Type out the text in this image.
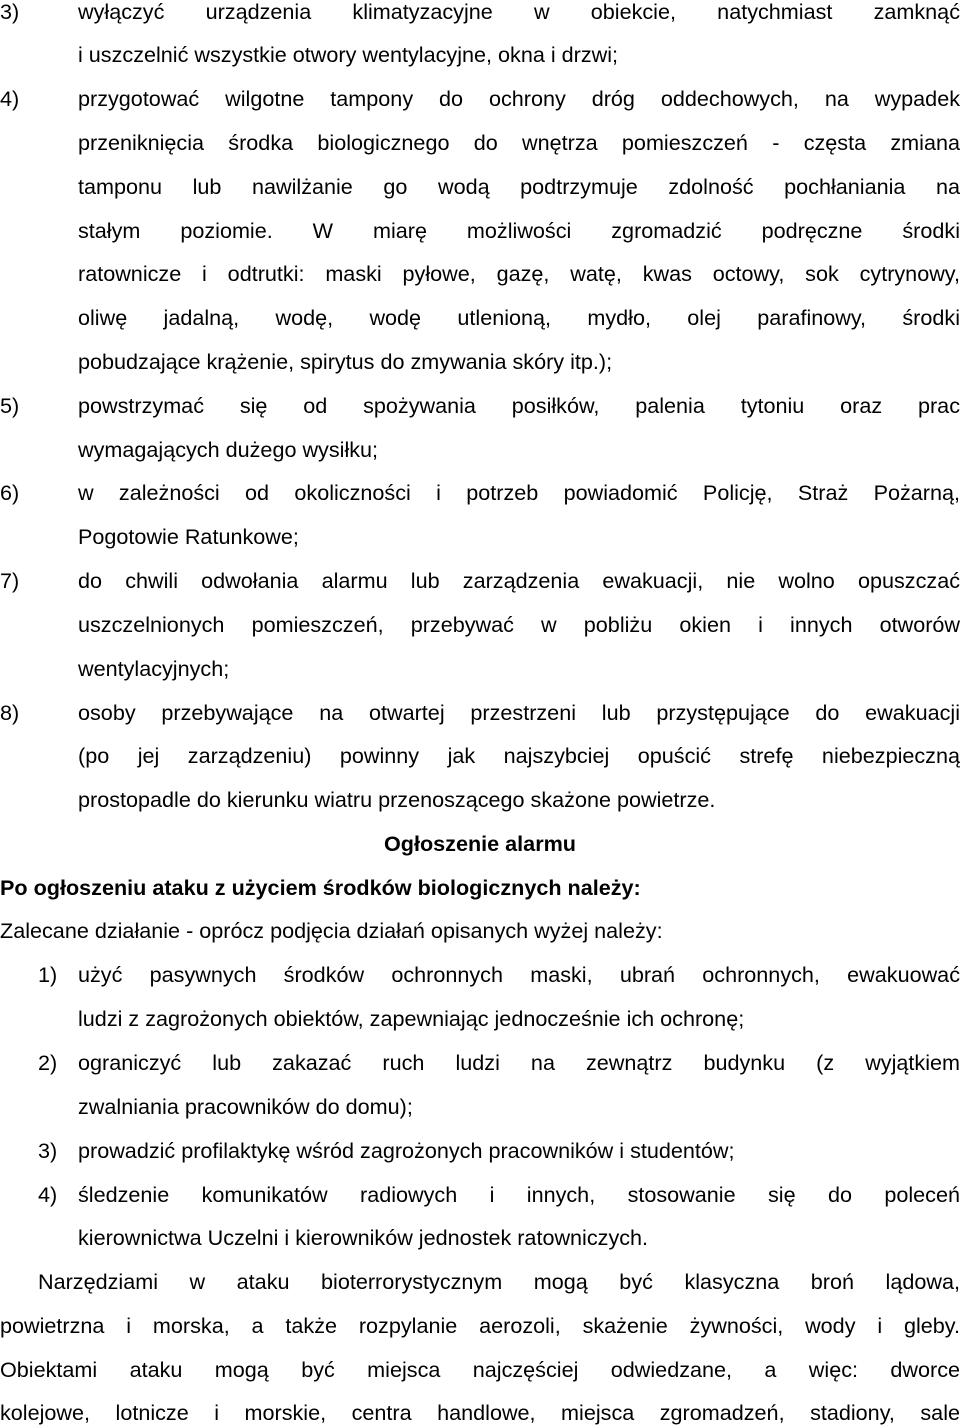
3)	wyłączyć urządzenia klimatyzacyjne w obiekcie, natychmiast zamknąć
i uszczelnić wszystkie otwory wentylacyjne, okna i drzwi;
4)	przygotować wilgotne tampony do ochrony dróg oddechowych, na wypadek
przeniknięcia środka biologicznego do wnętrza pomieszczeń - częsta zmiana
tamponu lub nawilżanie go wodą podtrzymuje zdolność pochłaniania na
stałym poziomie. W miarę możliwości zgromadzić podręczne środki
ratownicze i odtrutki: maski pyłowe, gazę, watę, kwas octowy, sok cytrynowy,
oliwę jadalną, wodę, wodę utlenioną, mydło, olej parafinowy, środki
pobudzające krążenie, spirytus do zmywania skóry itp.);
5)	powstrzymać się od spożywania posiłków, palenia tytoniu oraz prac
wymagających dużego wysiłku;
6)	w zależności od okoliczności i potrzeb powiadomić Policję, Straż Pożarną,
Pogotowie Ratunkowe;
7)	do chwili odwołania alarmu lub zarządzenia ewakuacji, nie wolno opuszczać
uszczelnionych pomieszczeń, przebywać w pobliżu okien i innych otworów
wentylacyjnych;
8)	osoby przebywające na otwartej przestrzeni lub przystępujące do ewakuacji
(po jej zarządzeniu) powinny jak najszybciej opuścić strefę niebezpieczną
prostopadle do kierunku wiatru przenoszącego skażone powietrze.
Ogłoszenie alarmu
Po ogłoszeniu ataku z użyciem środków biologicznych należy:
Zalecane działanie - oprócz podjęcia działań opisanych wyżej należy:
1) użyć pasywnych środków ochronnych maski, ubrań ochronnych, ewakuować
ludzi z zagrożonych obiektów, zapewniając jednocześnie ich ochronę;
2) ograniczyć lub zakazać ruch ludzi na zewnątrz budynku (z wyjątkiem
zwalniania pracowników do domu);
3) prowadzić profilaktykę wśród zagrożonych pracowników i studentów;
4) śledzenie komunikatów radiowych i innych, stosowanie się do poleceń
kierownictwa Uczelni i kierowników jednostek ratowniczych.
Narzędziami w ataku bioterrorystycznym mogą być klasyczna broń lądowa,
powietrzna i morska, a także rozpylanie aerozoli, skażenie żywności, wody i gleby.
Obiektami ataku mogą być miejsca najczęściej odwiedzane, a więc: dworce
kolejowe, lotnicze i morskie, centra handlowe, miejsca zgromadzeń, stadiony, sale
